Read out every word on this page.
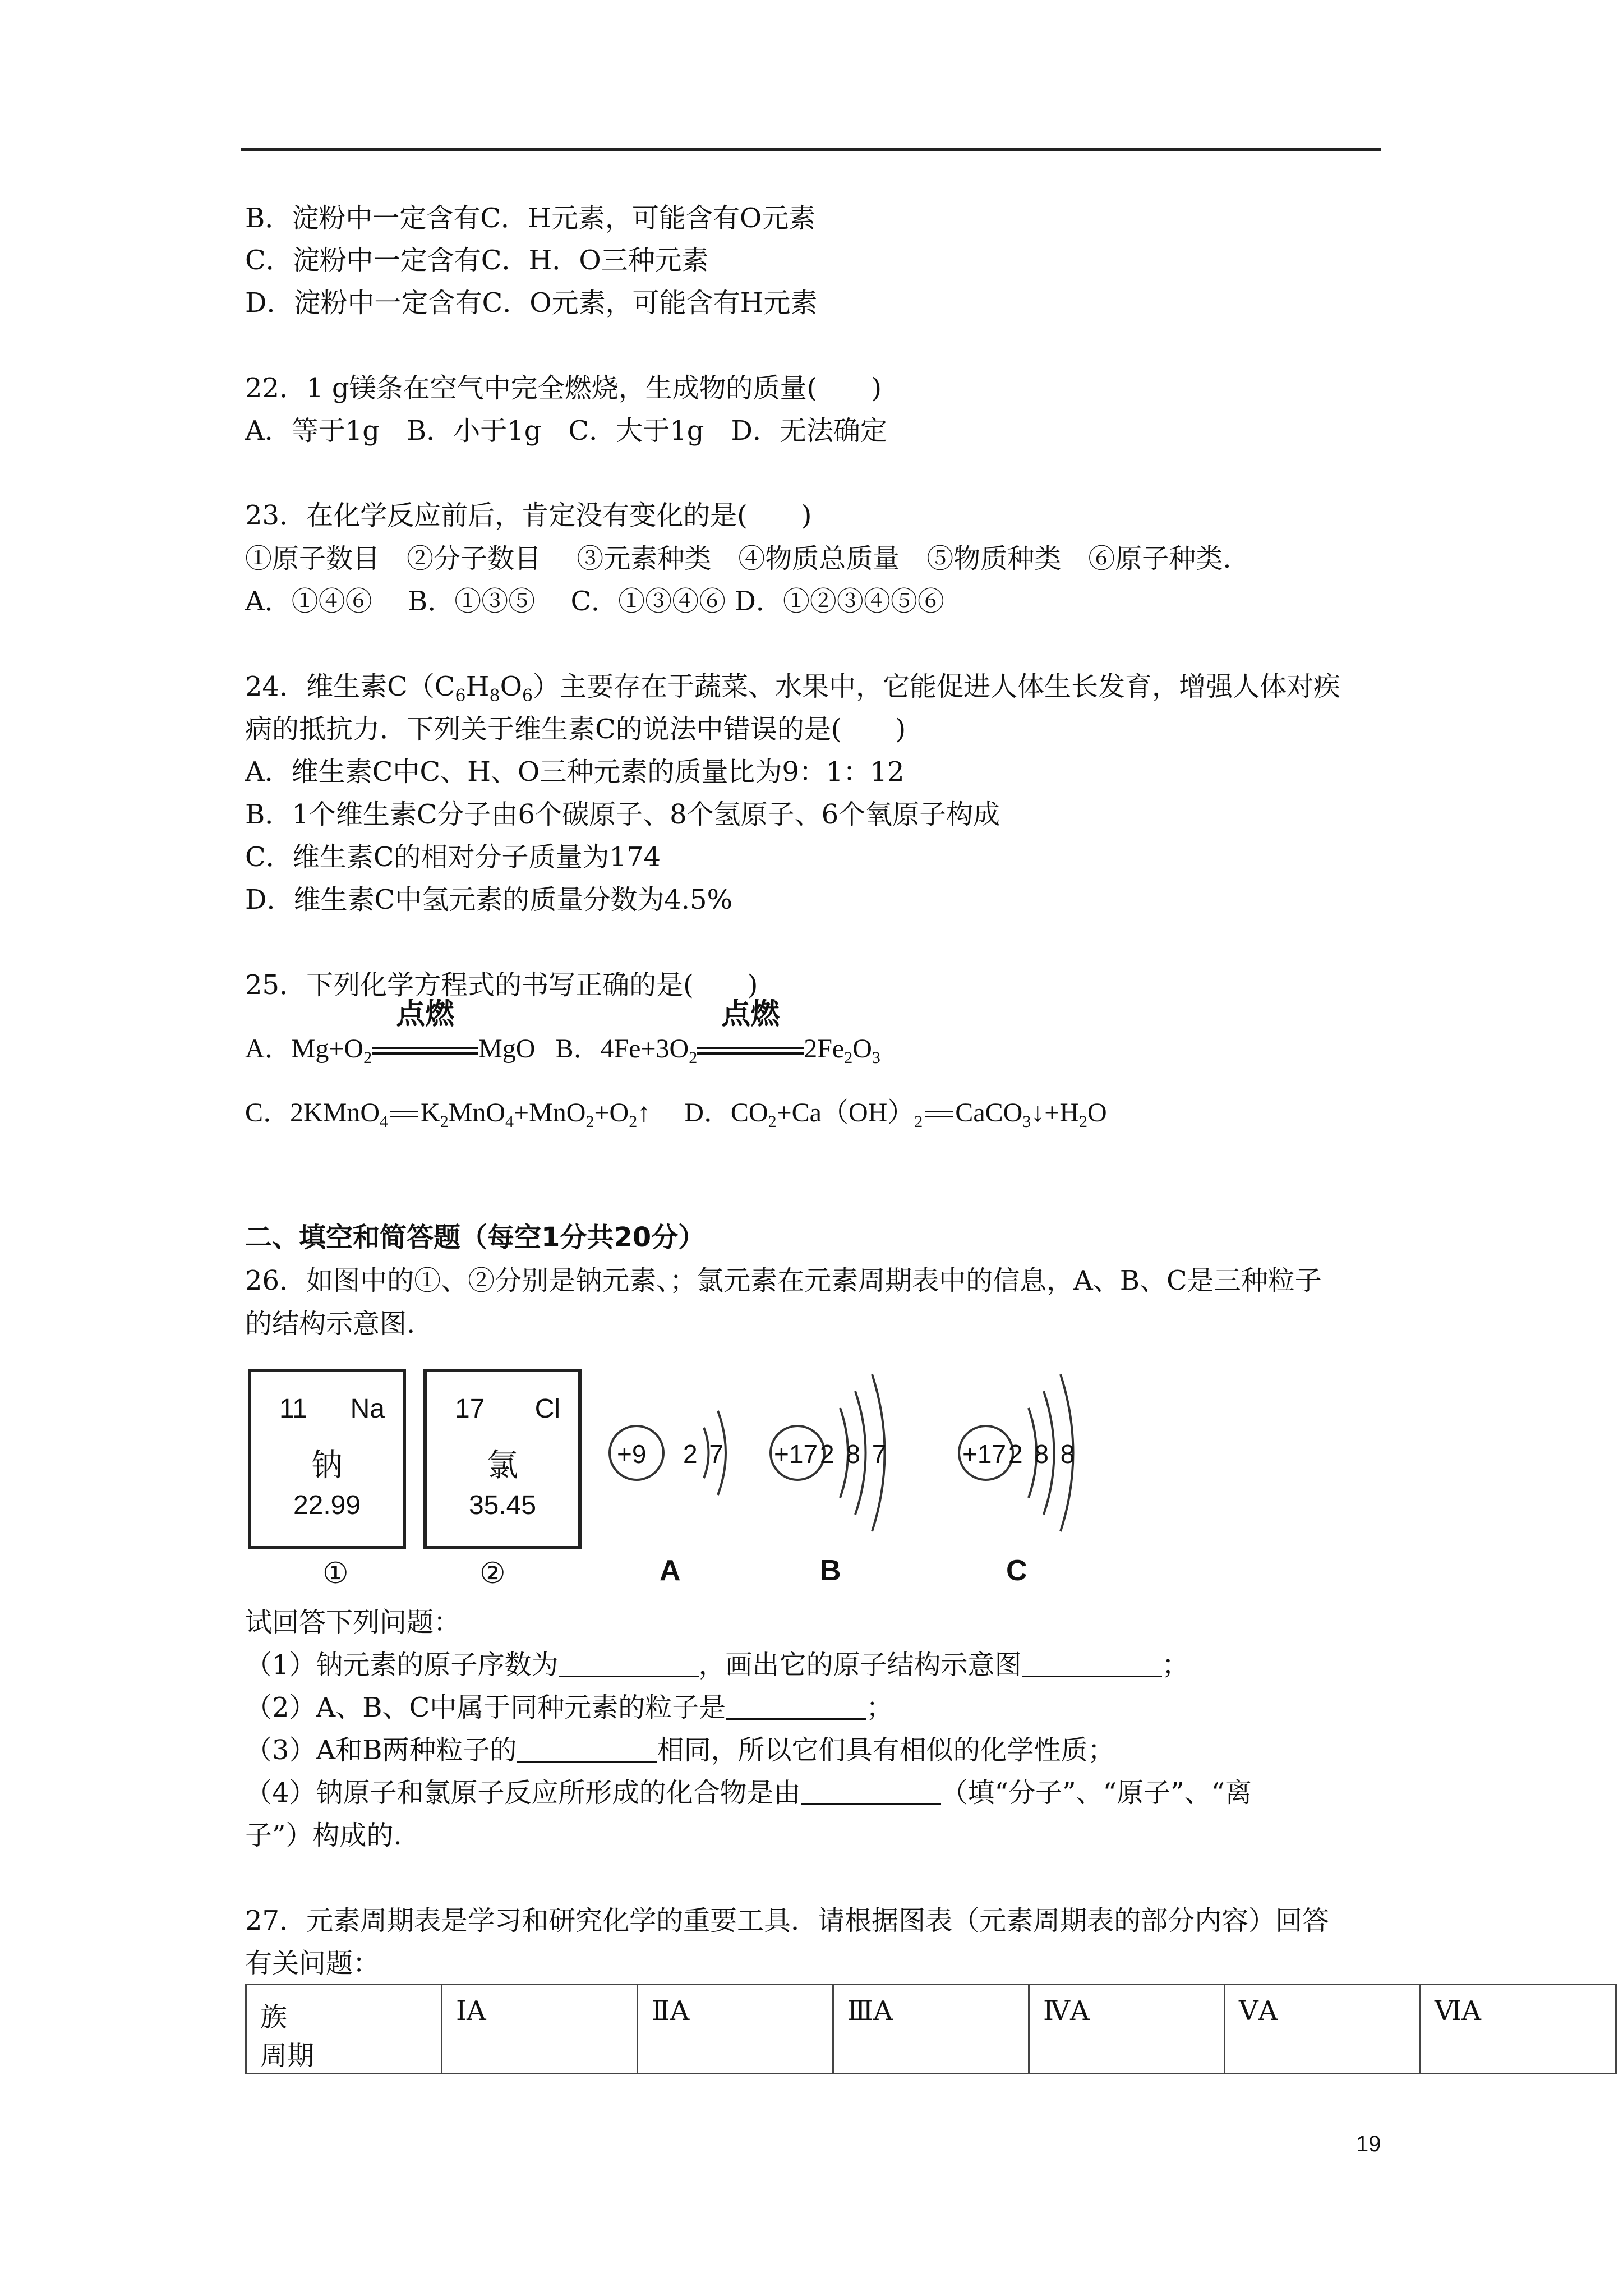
B．淀粉中一定含有C．H元素，可能含有O元素
C．淀粉中一定含有C．H．O三种元素
D．淀粉中一定含有C．O元素，可能含有H元素
22．1 g镁条在空气中完全燃烧，生成物的质量(　　)
A．等于1g　B．小于1g　C．大于1g　D．无法确定
23．在化学反应前后，肯定没有变化的是(　　)
①原子数目　②分子数目　 ③元素种类　④物质总质量　⑤物质种类　⑥原子种类.
A．①④⑥　 B．①③⑤　 C．①③④⑥ D．①②③④⑤⑥
24．维生素$C(C_6H_8O_6)$主要存在于蔬菜、水果中，它能促进人体生长发育，增强人体对疾
病的抵抗力．下列关于维生素C的说法中错误的是(　　)
A．维生素C中C、H、O三种元素的质量比为9：1：12
B．1个维生素C分子由6个碳原子、8个氢原子、6个氧原子构成
C．维生素C的相对分子质量为174
D．维生素C中氢元素的质量分数为4.5%
25．下列化学方程式的书写正确的是(　　)
A．$Mg+O_2$
点燃
MgO B．$4Fe+3O_2$
点燃
$2Fe_2O_3$
C．2KMnO$_4$ $K_2MnO_4+MnO_2+O_2↑$ D．$CO_2+Ca(OH)_2$ $CaCO_3↓+H_2O$
二、填空和简答题（每空1分共20分）
26．如图中的①、②分别是钠元素、；氯元素在元素周期表中的信息，A、B、C是三种粒子
的结构示意图.
11 Na
钠
22.99
17 Cl
氯
35.45
①	②
+9 2 7 +17 2 8 7	+17 2 8 8
A	B	C
试回答下列问题：
（1）钠元素的原子序数为	，画出它的原子结构示意图	；
（2）A、B、C中属于同种元素的粒子是	；
（3）A和B两种粒子的	相同，所以它们具有相似的化学性质；
（4）钠原子和氯原子反应所形成的化合物是由	（填“分子”、“原子”、“离
子”）构成的.
27．元素周期表是学习和研究化学的重要工具．请根据图表（元素周期表的部分内容）回答
有关问题：
族
周期
	ⅠA	ⅡA	ⅢA	ⅣA	ⅤA	ⅥA
19
